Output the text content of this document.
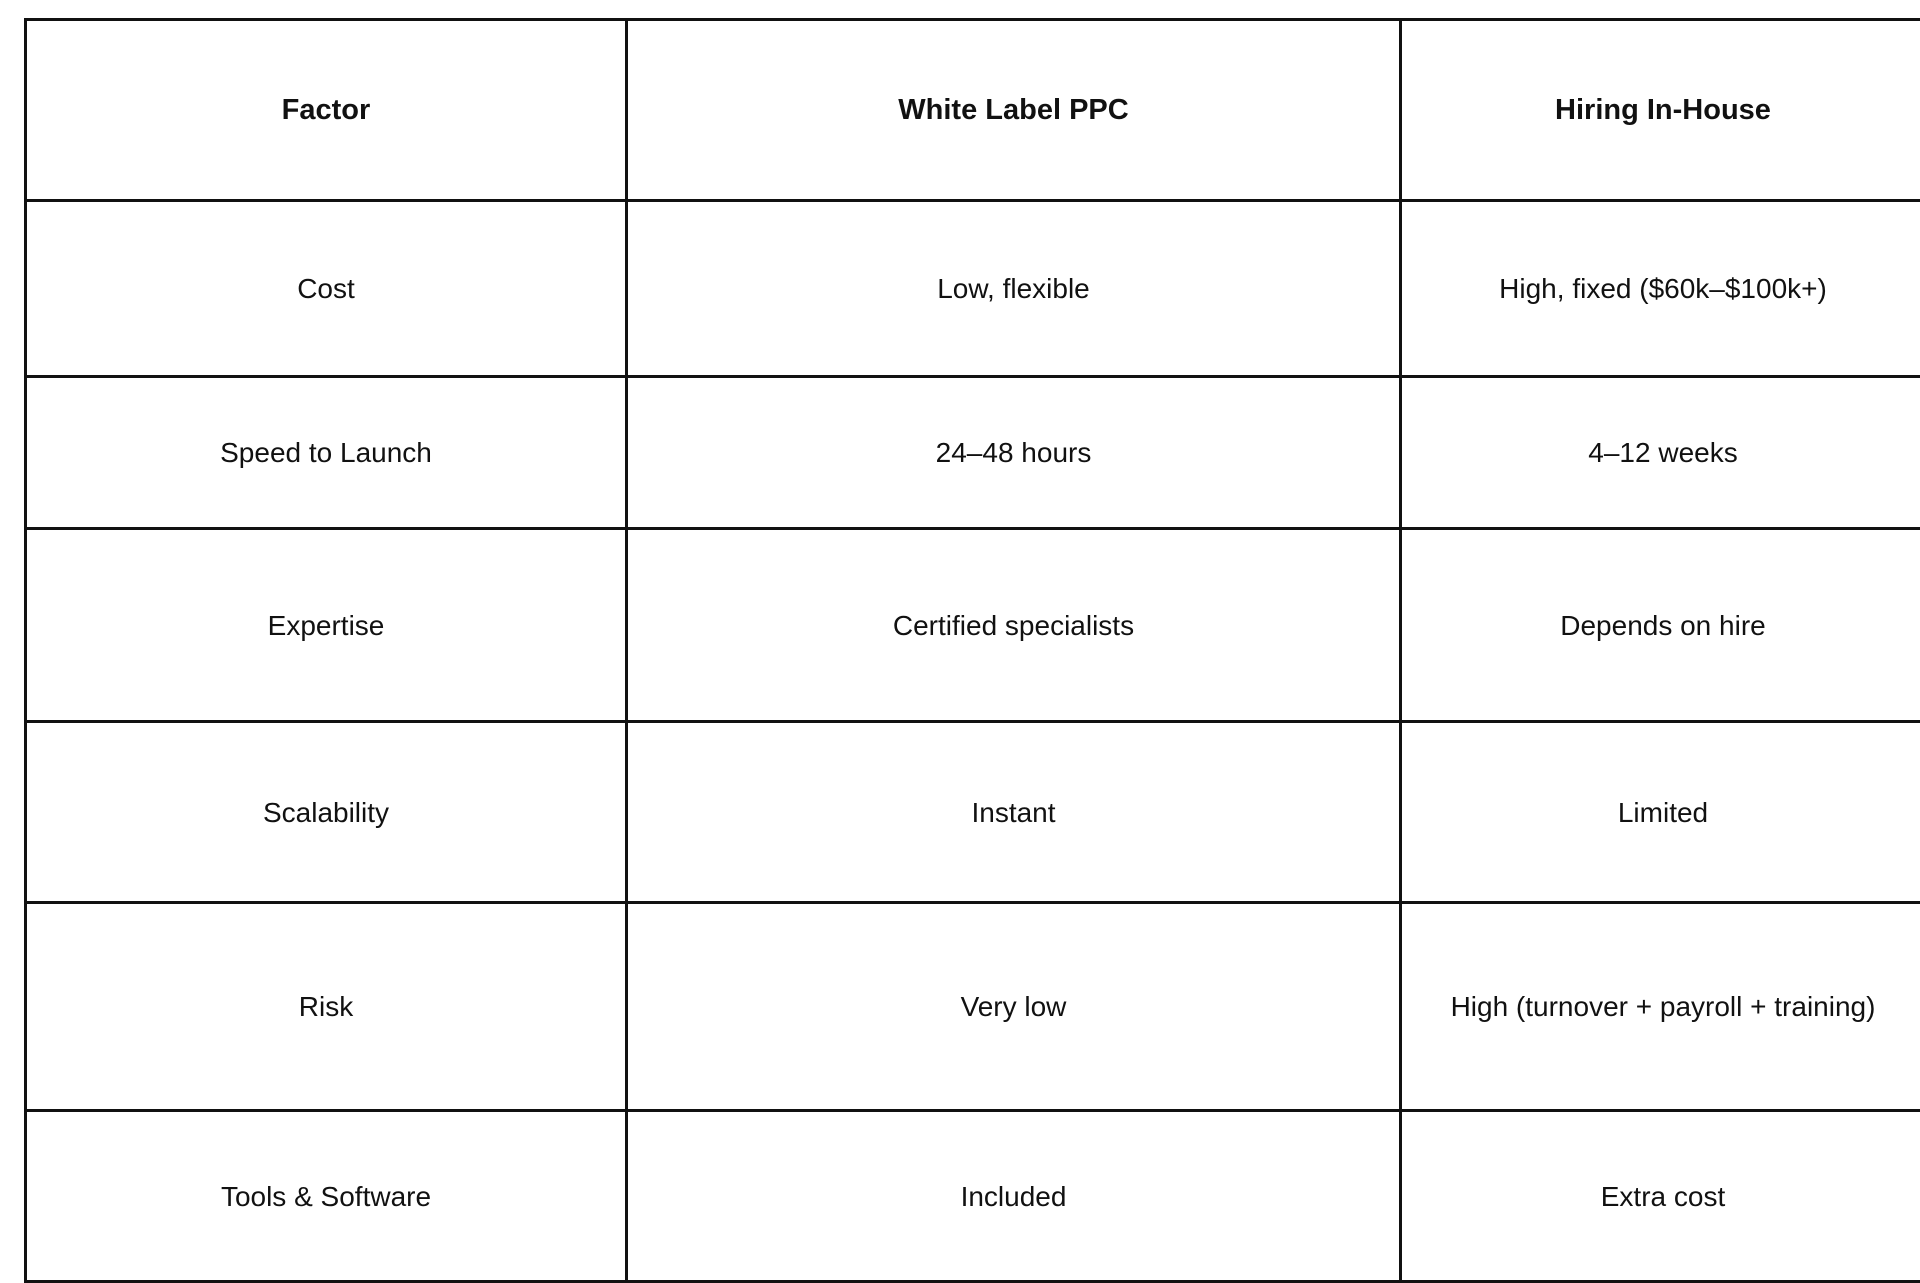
Factor	White Label PPC	Hiring In-House
Cost	Low, flexible	High, fixed ($60k–$100k+)
Speed to Launch	24–48 hours	4–12 weeks
Expertise	Certified specialists	Depends on hire
Scalability	Instant	Limited
Risk	Very low	High (turnover + payroll + training)
Tools & Software	Included	Extra cost
